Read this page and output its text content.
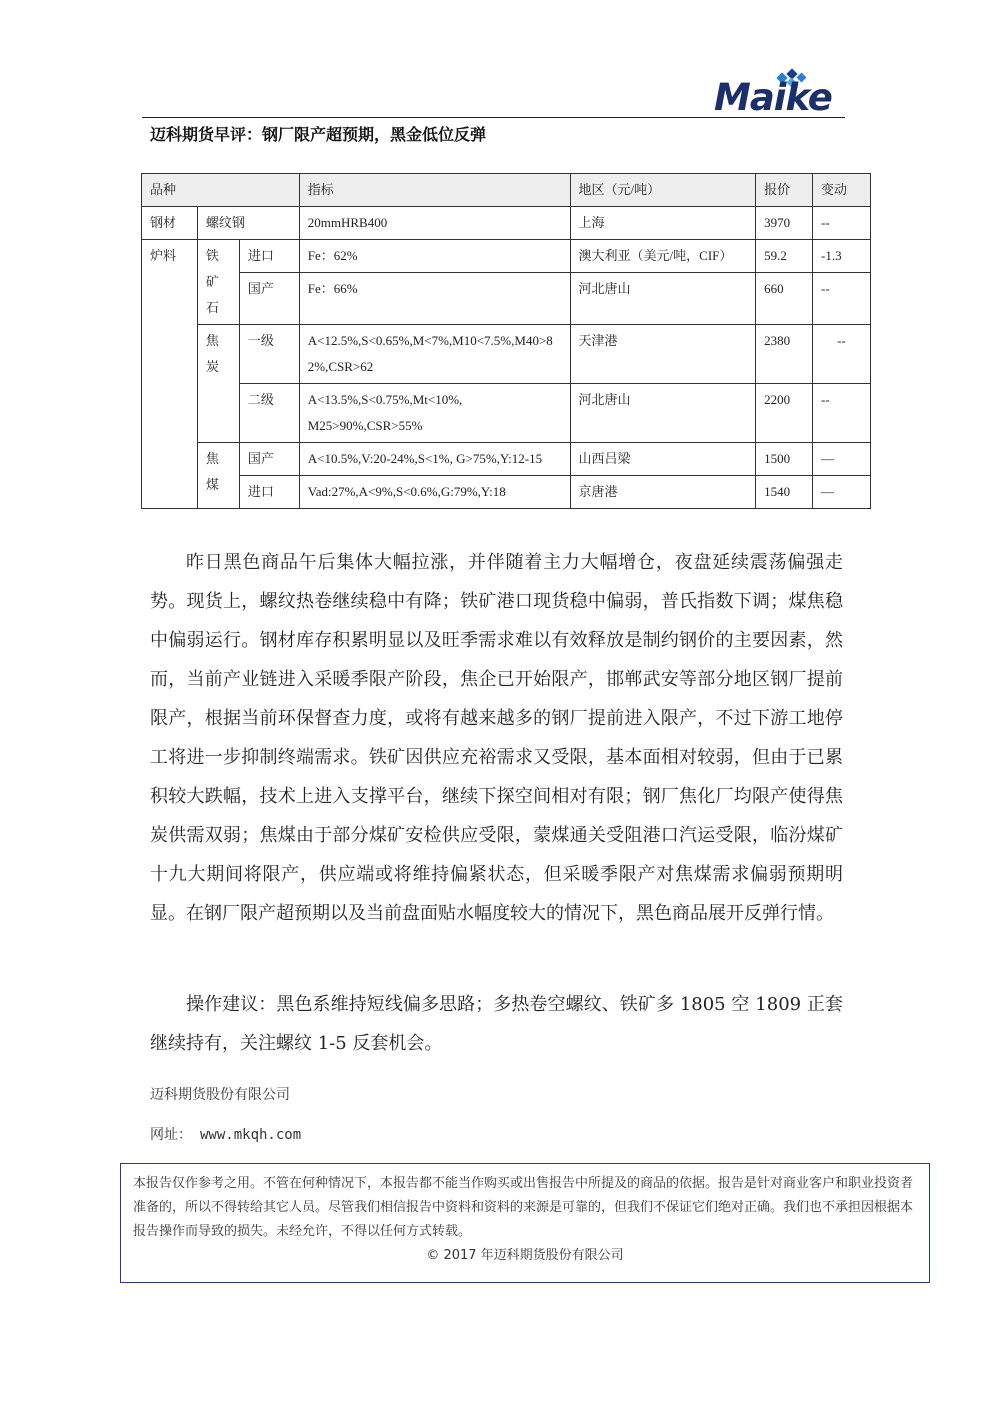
Maike
迈科期货早评：钢厂限产超预期，黑金低位反弹
品种			指标	地区（元/吨）	报价	变动
钢材	螺纹钢		20mmHRB400	上海	3970	--
炉料	铁矿石	进口	Fe：62%	澳大利亚（美元/吨，CIF）	59.2	-1.3
		国产	Fe：66%	河北唐山	660	--

	焦炭	一级	A<12.5%,S<0.65%,M<7%,M10<7.5%,M40>82%,CSR>62	天津港	2380	--
		二级	A<13.5%,S<0.75%,Mt<10%, M25>90%,CSR>55%	河北唐山	2200	--

	焦煤	国产	A<10.5%,V:20-24%,S<1%, G>75%,Y:12-15	山西吕梁	1500	—
		进口	Vad:27%,A<9%,S<0.6%,G:79%,Y:18	京唐港	1540	—
昨日黑色商品午后集体大幅拉涨，并伴随着主力大幅增仓，夜盘延续震荡偏强走势。现货上，螺纹热卷继续稳中有降；铁矿港口现货稳中偏弱，普氏指数下调；煤焦稳中偏弱运行。钢材库存积累明显以及旺季需求难以有效释放是制约钢价的主要因素，然而，当前产业链进入采暖季限产阶段，焦企已开始限产，邯郸武安等部分地区钢厂提前限产，根据当前环保督查力度，或将有越来越多的钢厂提前进入限产，不过下游工地停工将进一步抑制终端需求。铁矿因供应充裕需求又受限，基本面相对较弱，但由于已累积较大跌幅，技术上进入支撑平台，继续下探空间相对有限；钢厂焦化厂均限产使得焦炭供需双弱；焦煤由于部分煤矿安检供应受限，蒙煤通关受阻港口汽运受限，临汾煤矿十九大期间将限产，供应端或将维持偏紧状态，但采暖季限产对焦煤需求偏弱预期明显。在钢厂限产超预期以及当前盘面贴水幅度较大的情况下，黑色商品展开反弹行情。
操作建议：黑色系维持短线偏多思路；多热卷空螺纹、铁矿多 1805 空 1809 正套继续持有，关注螺纹 1-5 反套机会。
迈科期货股份有限公司
网址： www.mkqh.com
本报告仅作参考之用。不管在何种情况下，本报告都不能当作购买或出售报告中所提及的商品的依据。报告是针对商业客户和职业投资者准备的，所以不得转给其它人员。尽管我们相信报告中资料和资料的来源是可靠的，但我们不保证它们绝对正确。我们也不承担因根据本报告操作而导致的损失。未经允许，不得以任何方式转载。
© 2017 年迈科期货股份有限公司
